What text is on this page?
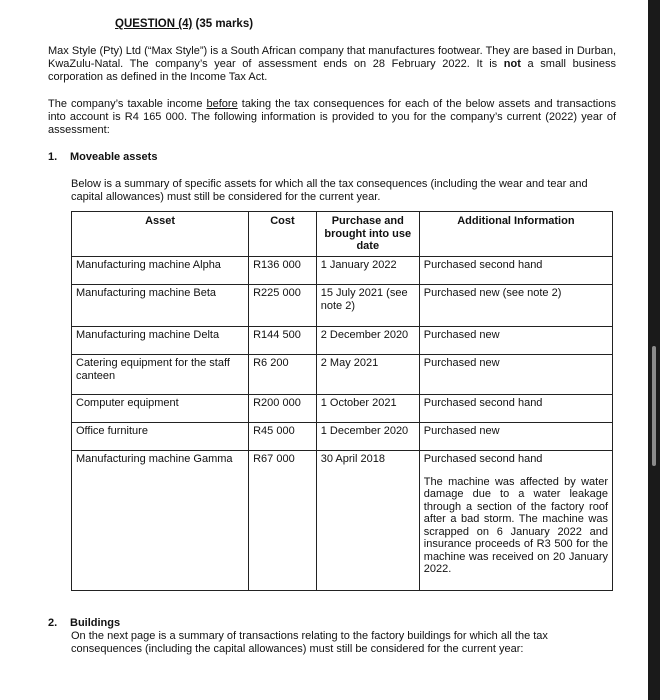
QUESTION (4) (35 marks)
Max Style (Pty) Ltd (“Max Style”) is a South African company that manufactures footwear. They are based in Durban, KwaZulu-Natal. The company’s year of assessment ends on 28 February 2022. It is not a small business corporation as defined in the Income Tax Act.
The company’s taxable income before taking the tax consequences for each of the below assets and transactions into account is R4 165 000. The following information is provided to you for the company’s current (2022) year of assessment:
1. Moveable assets
Below is a summary of specific assets for which all the tax consequences (including the wear and tear and capital allowances) must still be considered for the current year.
Asset	Cost	Purchase and brought into use date	Additional Information
Manufacturing machine Alpha	R136 000	1 January 2022	Purchased second hand
Manufacturing machine Beta	R225 000	15 July 2021 (see note 2)	Purchased new (see note 2)
Manufacturing machine Delta	R144 500	2 December 2020	Purchased new
Catering equipment for the staff canteen	R6 200	2 May 2021	Purchased new
Computer equipment	R200 000	1 October 2021	Purchased second hand
Office furniture	R45 000	1 December 2020	Purchased new
Manufacturing machine Gamma	R67 000	30 April 2018	Purchased second hand
The machine was affected by water damage due to a water leakage through a section of the factory roof after a bad storm. The machine was scrapped on 6 January 2022 and insurance proceeds of R3 500 for the machine was received on 20 January 2022.
2. Buildings
On the next page is a summary of transactions relating to the factory buildings for which all the tax consequences (including the capital allowances) must still be considered for the current year:
